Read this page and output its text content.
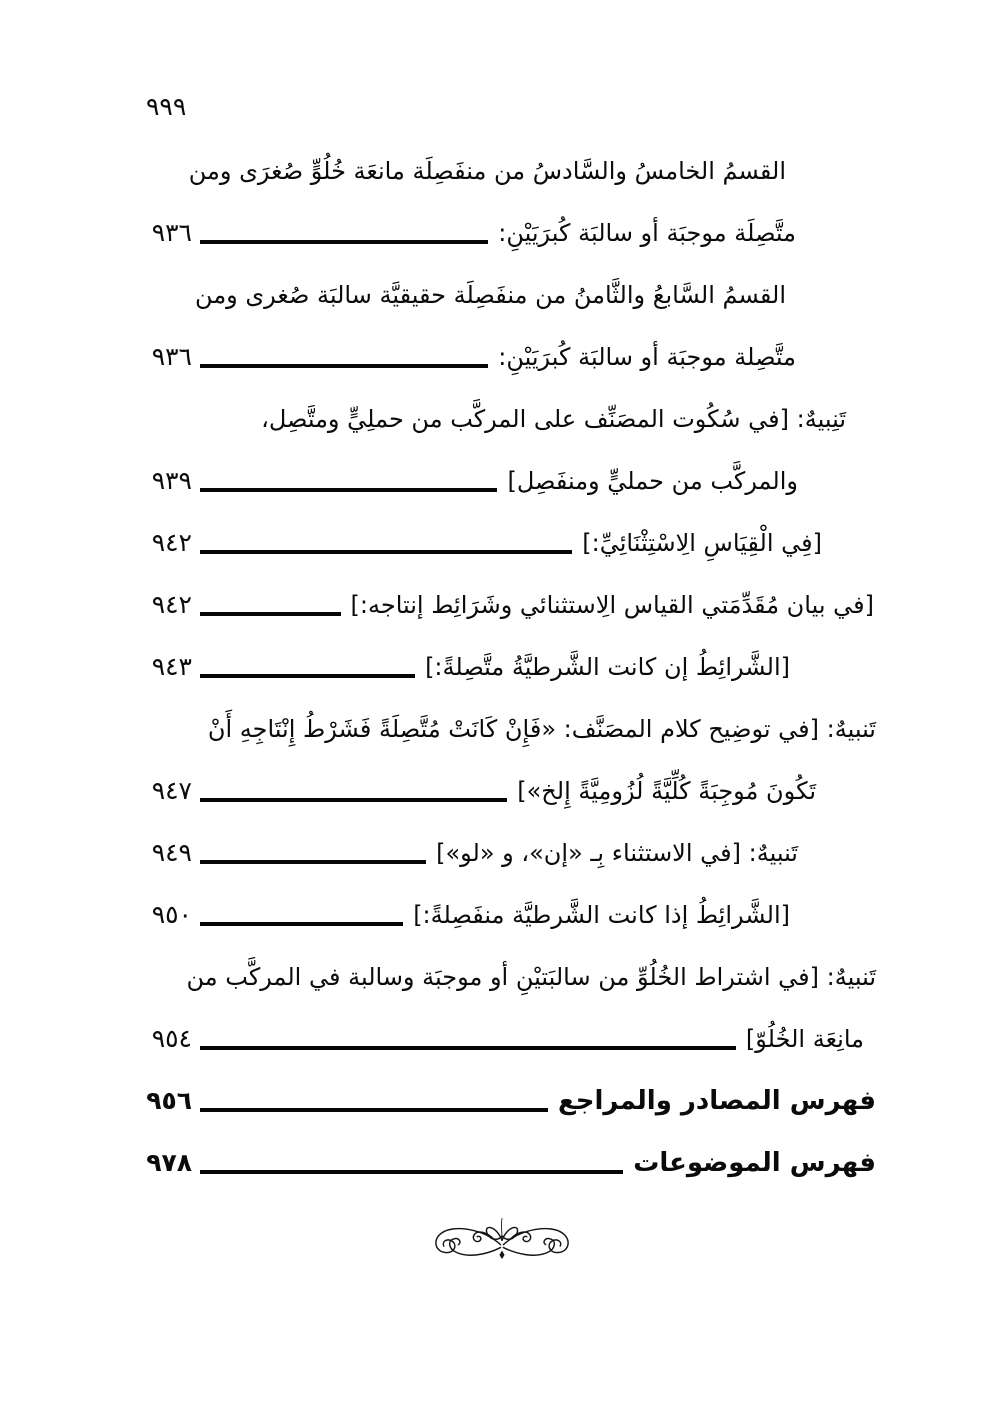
٩٩٩
القسمُ الخامسُ والسَّادسُ من منفَصِلَة مانعَة خُلُوٍّ صُغرَى ومن
متَّصِلَة موجبَة أو سالبَة كُبرَيَيْنِ:
٩٣٦
القسمُ السَّابعُ والثَّامنُ من منفَصِلَة حقيقيَّة سالبَة صُغرى ومن
متَّصِلة موجبَة أو سالبَة كُبرَيَيْنِ:
٩٣٦
تَنِبيهٌ: [في سُكُوت المصَنِّف على المركَّب من حملِيٍّ ومتَّصِل،
والمركَّب من حمليٍّ ومنفَصِل]
٩٣٩
[فِي الْقِيَاسِ الِاسْتِثْنَائِيِّ:]
٩٤٢
[في بيان مُقَدِّمَتي القياس الِاستثنائي وشَرَائِط إنتاجه:]
٩٤٢
[الشَّرائِطُ إن كانت الشَّرطيَّةُ متَّصِلةً:]
٩٤٣
تَنبيهٌ: [في توضِيح كلام المصَنَّف: «فَإِنْ كَانَتْ مُتَّصِلَةً فَشَرْطُ إِنْتَاجِهِ أَنْ
تَكُونَ مُوجِبَةً كُلِّيَّةً لُزُومِيَّةً إِلخ»]
٩٤٧
تَنبيهٌ: [في الاستثناء بِـ «إن»، و «لو»]
٩٤٩
[الشَّرائِطُ إذا كانت الشَّرطيَّة منفَصِلةً:]
٩٥٠
تَنبيهٌ: [في اشتراط الخُلُوِّ من سالبَتيْنِ أو موجبَة وسالبة في المركَّب من
مانِعَة الخُلُوّ]
٩٥٤
فهرس المصادر والمراجع
٩٥٦
فهرس الموضوعات
٩٧٨
